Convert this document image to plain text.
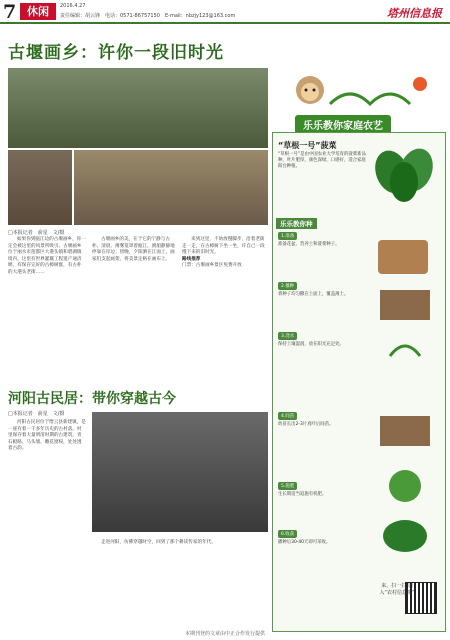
7 休闲	2016.4.27
责任编辑：胡云锋　电话：0571-86757150　E-mail：nbzjy123@163.com	塔州信息报
古堰画乡：许你一段旧时光
□本报记者　俞星　文/摄

如果你到瓯江边的古堰画乡，你一定会被这里的风景所吸引。古堰画乡位于丽水市莲都区大港头镇和碧湖镇境内，这里有世界灌溉工程遗产通济堰，有保存完好的古樟树群，有古朴的大港头老街……

古堰画乡的美，在于它的宁静与古朴。清晨，薄雾笼罩着瓯江，渔船静静地停靠在岸边；傍晚，夕阳洒在江面上，画家们支起画架，将美景定格在画布上。

来到这里，不妨放慢脚步，沿着老街走一走，在古樟树下坐一坐，许自己一段慢下来的旧时光。

路线推荐
门票：古堰画乡景区免费开放
河阳古民居：带你穿越古今
□本报记者　俞星　文/摄

河阳古民居位于缙云县新建镇，是一座有着一千多年历史的古村落。村里保存着大量明清时期的古建筑，青石板路、马头墙、雕花窗棂，处处透着古韵。

走进河阳，仿佛穿越时空，回到了那个耕读传家的年代。

乐乐教你家庭农艺
“草根一号”菠菜
“草根一号”是由中国农业大学培育的菠菜新品种，叶片肥厚，颜色深绿，口感好，适合家庭阳台种植。
乐乐教你种
1.准备
准备花盆、营养土和菠菜种子。
2.播种
将种子均匀撒在土面上，覆盖薄土。
3.浇水
保持土壤湿润，放在阳光充足处。
4.间苗
幼苗长出2-3片真叶后间苗。
5.施肥
生长期适当追施有机肥。
6.收获
播种后30-40天即可采收。
来，扫一扫 加入“农村信息报”
本期刊登的文章由中正合作发行提供
